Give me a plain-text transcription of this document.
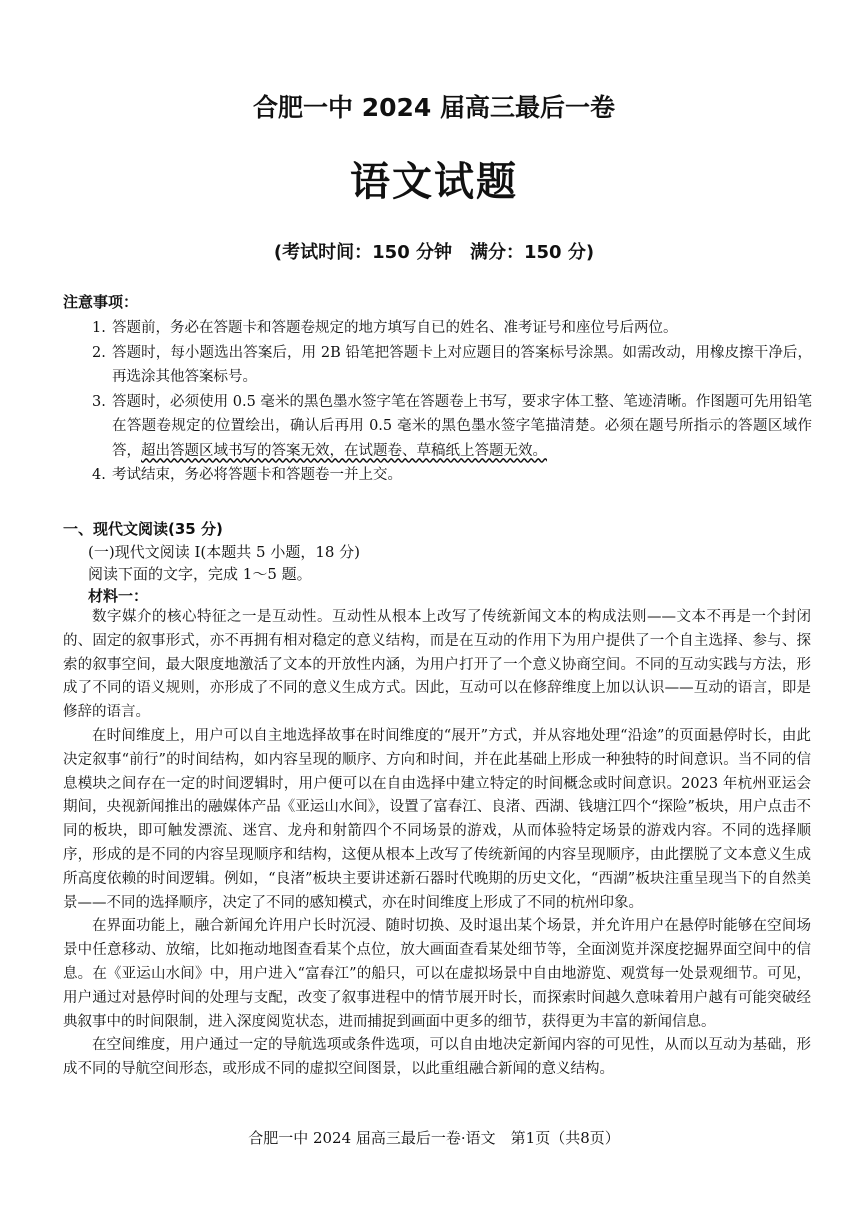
合肥一中 2024 届高三最后一卷
语文试题
(考试时间：150 分钟　满分：150 分)
注意事项：
1. 答题前，务必在答题卡和答题卷规定的地方填写自已的姓名、准考证号和座位号后两位。
2. 答题时，每小题选出答案后，用 2B 铅笔把答题卡上对应题目的答案标号涂黑。如需改动，用橡皮擦干净后，再选涂其他答案标号。
3. 答题时，必须使用 0.5 毫米的黑色墨水签字笔在答题卷上书写，要求字体工整、笔迹清晰。作图题可先用铅笔在答题卷规定的位置绘出，确认后再用 0.5 毫米的黑色墨水签字笔描清楚。必须在题号所指示的答题区域作答，超出答题区域书写的答案无效，在试题卷、草稿纸上答题无效。
4. 考试结束，务必将答题卡和答题卷一并上交。
一、现代文阅读(35 分)
(一)现代文阅读 I(本题共 5 小题，18 分)
阅读下面的文字，完成 1～5 题。
材料一：

数字媒介的核心特征之一是互动性。互动性从根本上改写了传统新闻文本的构成法则——文本不再是一个封闭的、固定的叙事形式，亦不再拥有相对稳定的意义结构，而是在互动的作用下为用户提供了一个自主选择、参与、探索的叙事空间，最大限度地激活了文本的开放性内涵，为用户打开了一个意义协商空间。不同的互动实践与方法，形成了不同的语义规则，亦形成了不同的意义生成方式。因此，互动可以在修辞维度上加以认识——互动的语言，即是修辞的语言。

在时间维度上，用户可以自主地选择故事在时间维度的“展开”方式，并从容地处理“沿途”的页面悬停时长，由此决定叙事“前行”的时间结构，如内容呈现的顺序、方向和时间，并在此基础上形成一种独特的时间意识。当不同的信息模块之间存在一定的时间逻辑时，用户便可以在自由选择中建立特定的时间概念或时间意识。2023 年杭州亚运会期间，央视新闻推出的融媒体产品《亚运山水间》，设置了富春江、良渚、西湖、钱塘江四个“探险”板块，用户点击不同的板块，即可触发漂流、迷宫、龙舟和射箭四个不同场景的游戏，从而体验特定场景的游戏内容。不同的选择顺序，形成的是不同的内容呈现顺序和结构，这便从根本上改写了传统新闻的内容呈现顺序，由此摆脱了文本意义生成所高度依赖的时间逻辑。例如，“良渚”板块主要讲述新石器时代晚期的历史文化，“西湖”板块注重呈现当下的自然美景——不同的选择顺序，决定了不同的感知模式，亦在时间维度上形成了不同的杭州印象。

在界面功能上，融合新闻允许用户长时沉浸、随时切换、及时退出某个场景，并允许用户在悬停时能够在空间场景中任意移动、放缩，比如拖动地图查看某个点位，放大画面查看某处细节等，全面浏览并深度挖掘界面空间中的信息。在《亚运山水间》中，用户进入“富春江”的船只，可以在虚拟场景中自由地游览、观赏每一处景观细节。可见，用户通过对悬停时间的处理与支配，改变了叙事进程中的情节展开时长，而探索时间越久意味着用户越有可能突破经典叙事中的时间限制，进入深度阅览状态，进而捕捉到画面中更多的细节，获得更为丰富的新闻信息。

在空间维度，用户通过一定的导航选项或条件选项，可以自由地决定新闻内容的可见性，从而以互动为基础，形成不同的导航空间形态，或形成不同的虚拟空间图景，以此重组融合新闻的意义结构。

合肥一中 2024 届高三最后一卷·语文　第1页（共8页）
